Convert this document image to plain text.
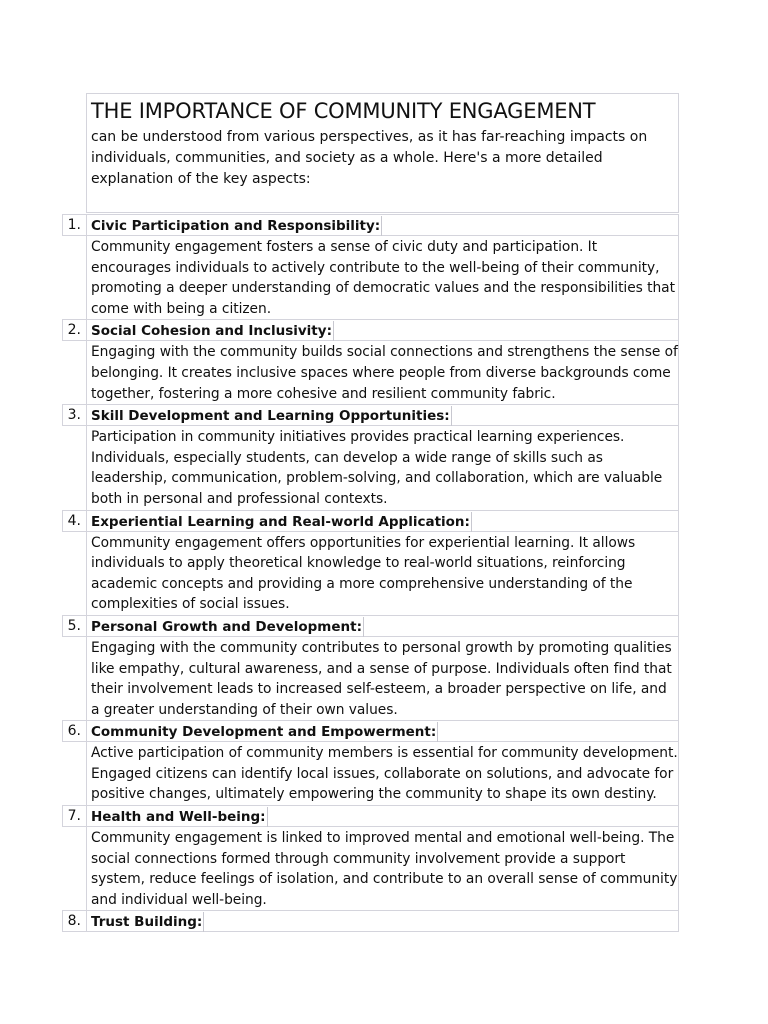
THE IMPORTANCE OF COMMUNITY ENGAGEMENT
can be understood from various perspectives, as it has far-reaching impacts on individuals, communities, and society as a whole. Here's a more detailed explanation of the key aspects:
1. Civic Participation and Responsibility:
Community engagement fosters a sense of civic duty and participation. It encourages individuals to actively contribute to the well-being of their community, promoting a deeper understanding of democratic values and the responsibilities that come with being a citizen.
2. Social Cohesion and Inclusivity:
Engaging with the community builds social connections and strengthens the sense of belonging. It creates inclusive spaces where people from diverse backgrounds come together, fostering a more cohesive and resilient community fabric.
3. Skill Development and Learning Opportunities:
Participation in community initiatives provides practical learning experiences. Individuals, especially students, can develop a wide range of skills such as leadership, communication, problem-solving, and collaboration, which are valuable both in personal and professional contexts.
4. Experiential Learning and Real-world Application:
Community engagement offers opportunities for experiential learning. It allows individuals to apply theoretical knowledge to real-world situations, reinforcing academic concepts and providing a more comprehensive understanding of the complexities of social issues.
5. Personal Growth and Development:
Engaging with the community contributes to personal growth by promoting qualities like empathy, cultural awareness, and a sense of purpose. Individuals often find that their involvement leads to increased self-esteem, a broader perspective on life, and a greater understanding of their own values.
6. Community Development and Empowerment:
Active participation of community members is essential for community development. Engaged citizens can identify local issues, collaborate on solutions, and advocate for positive changes, ultimately empowering the community to shape its own destiny.
7. Health and Well-being:
Community engagement is linked to improved mental and emotional well-being. The social connections formed through community involvement provide a support system, reduce feelings of isolation, and contribute to an overall sense of community and individual well-being.
8. Trust Building:
